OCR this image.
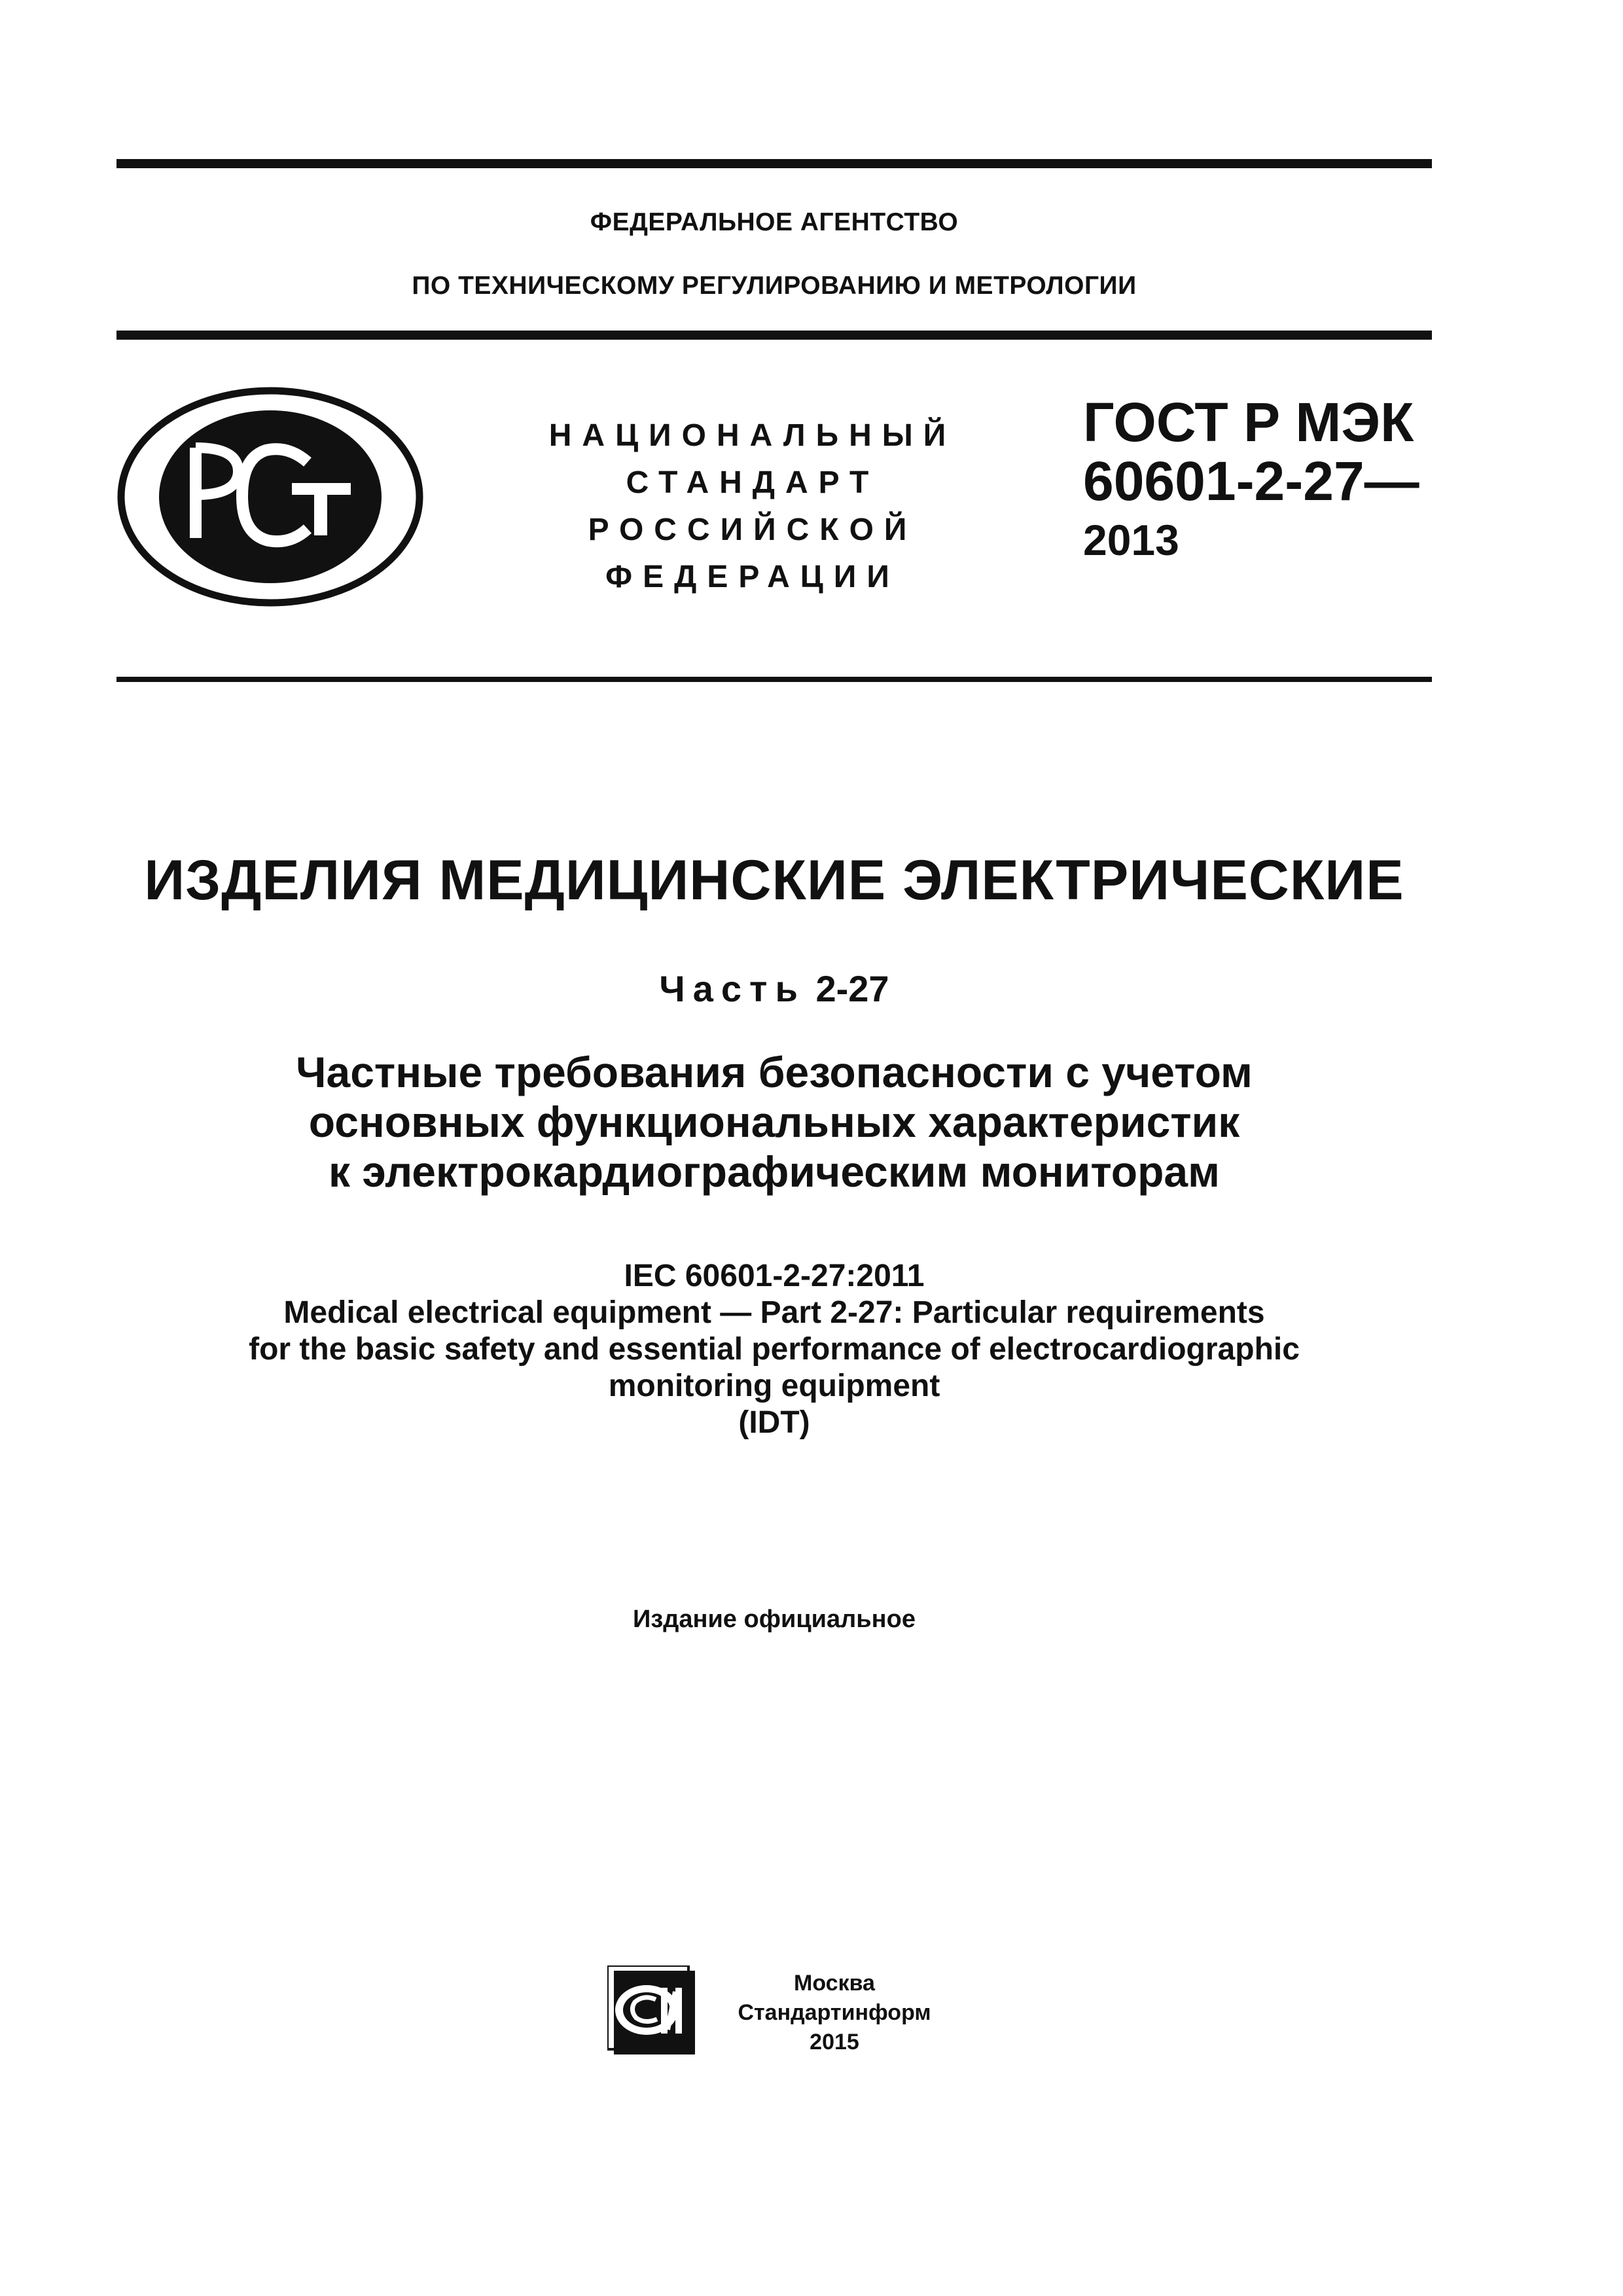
ФЕДЕРАЛЬНОЕ АГЕНТСТВО
ПО ТЕХНИЧЕСКОМУ РЕГУЛИРОВАНИЮ И МЕТРОЛОГИИ
НАЦИОНАЛЬНЫЙ
СТАНДАРТ
РОССИЙСКОЙ
ФЕДЕРАЦИИ
ГОСТ Р МЭК
60601-2-27—
2013
ИЗДЕЛИЯ МЕДИЦИНСКИЕ ЭЛЕКТРИЧЕСКИЕ
Часть 2-27
Частные требования безопасности с учетом
основных функциональных характеристик
к электрокардиографическим мониторам
IEC 60601-2-27:2011
Medical electrical equipment — Part 2-27: Particular requirements
for the basic safety and essential performance of electrocardiographic
monitoring equipment
(IDT)
Издание официальное
Москва
Стандартинформ
2015
